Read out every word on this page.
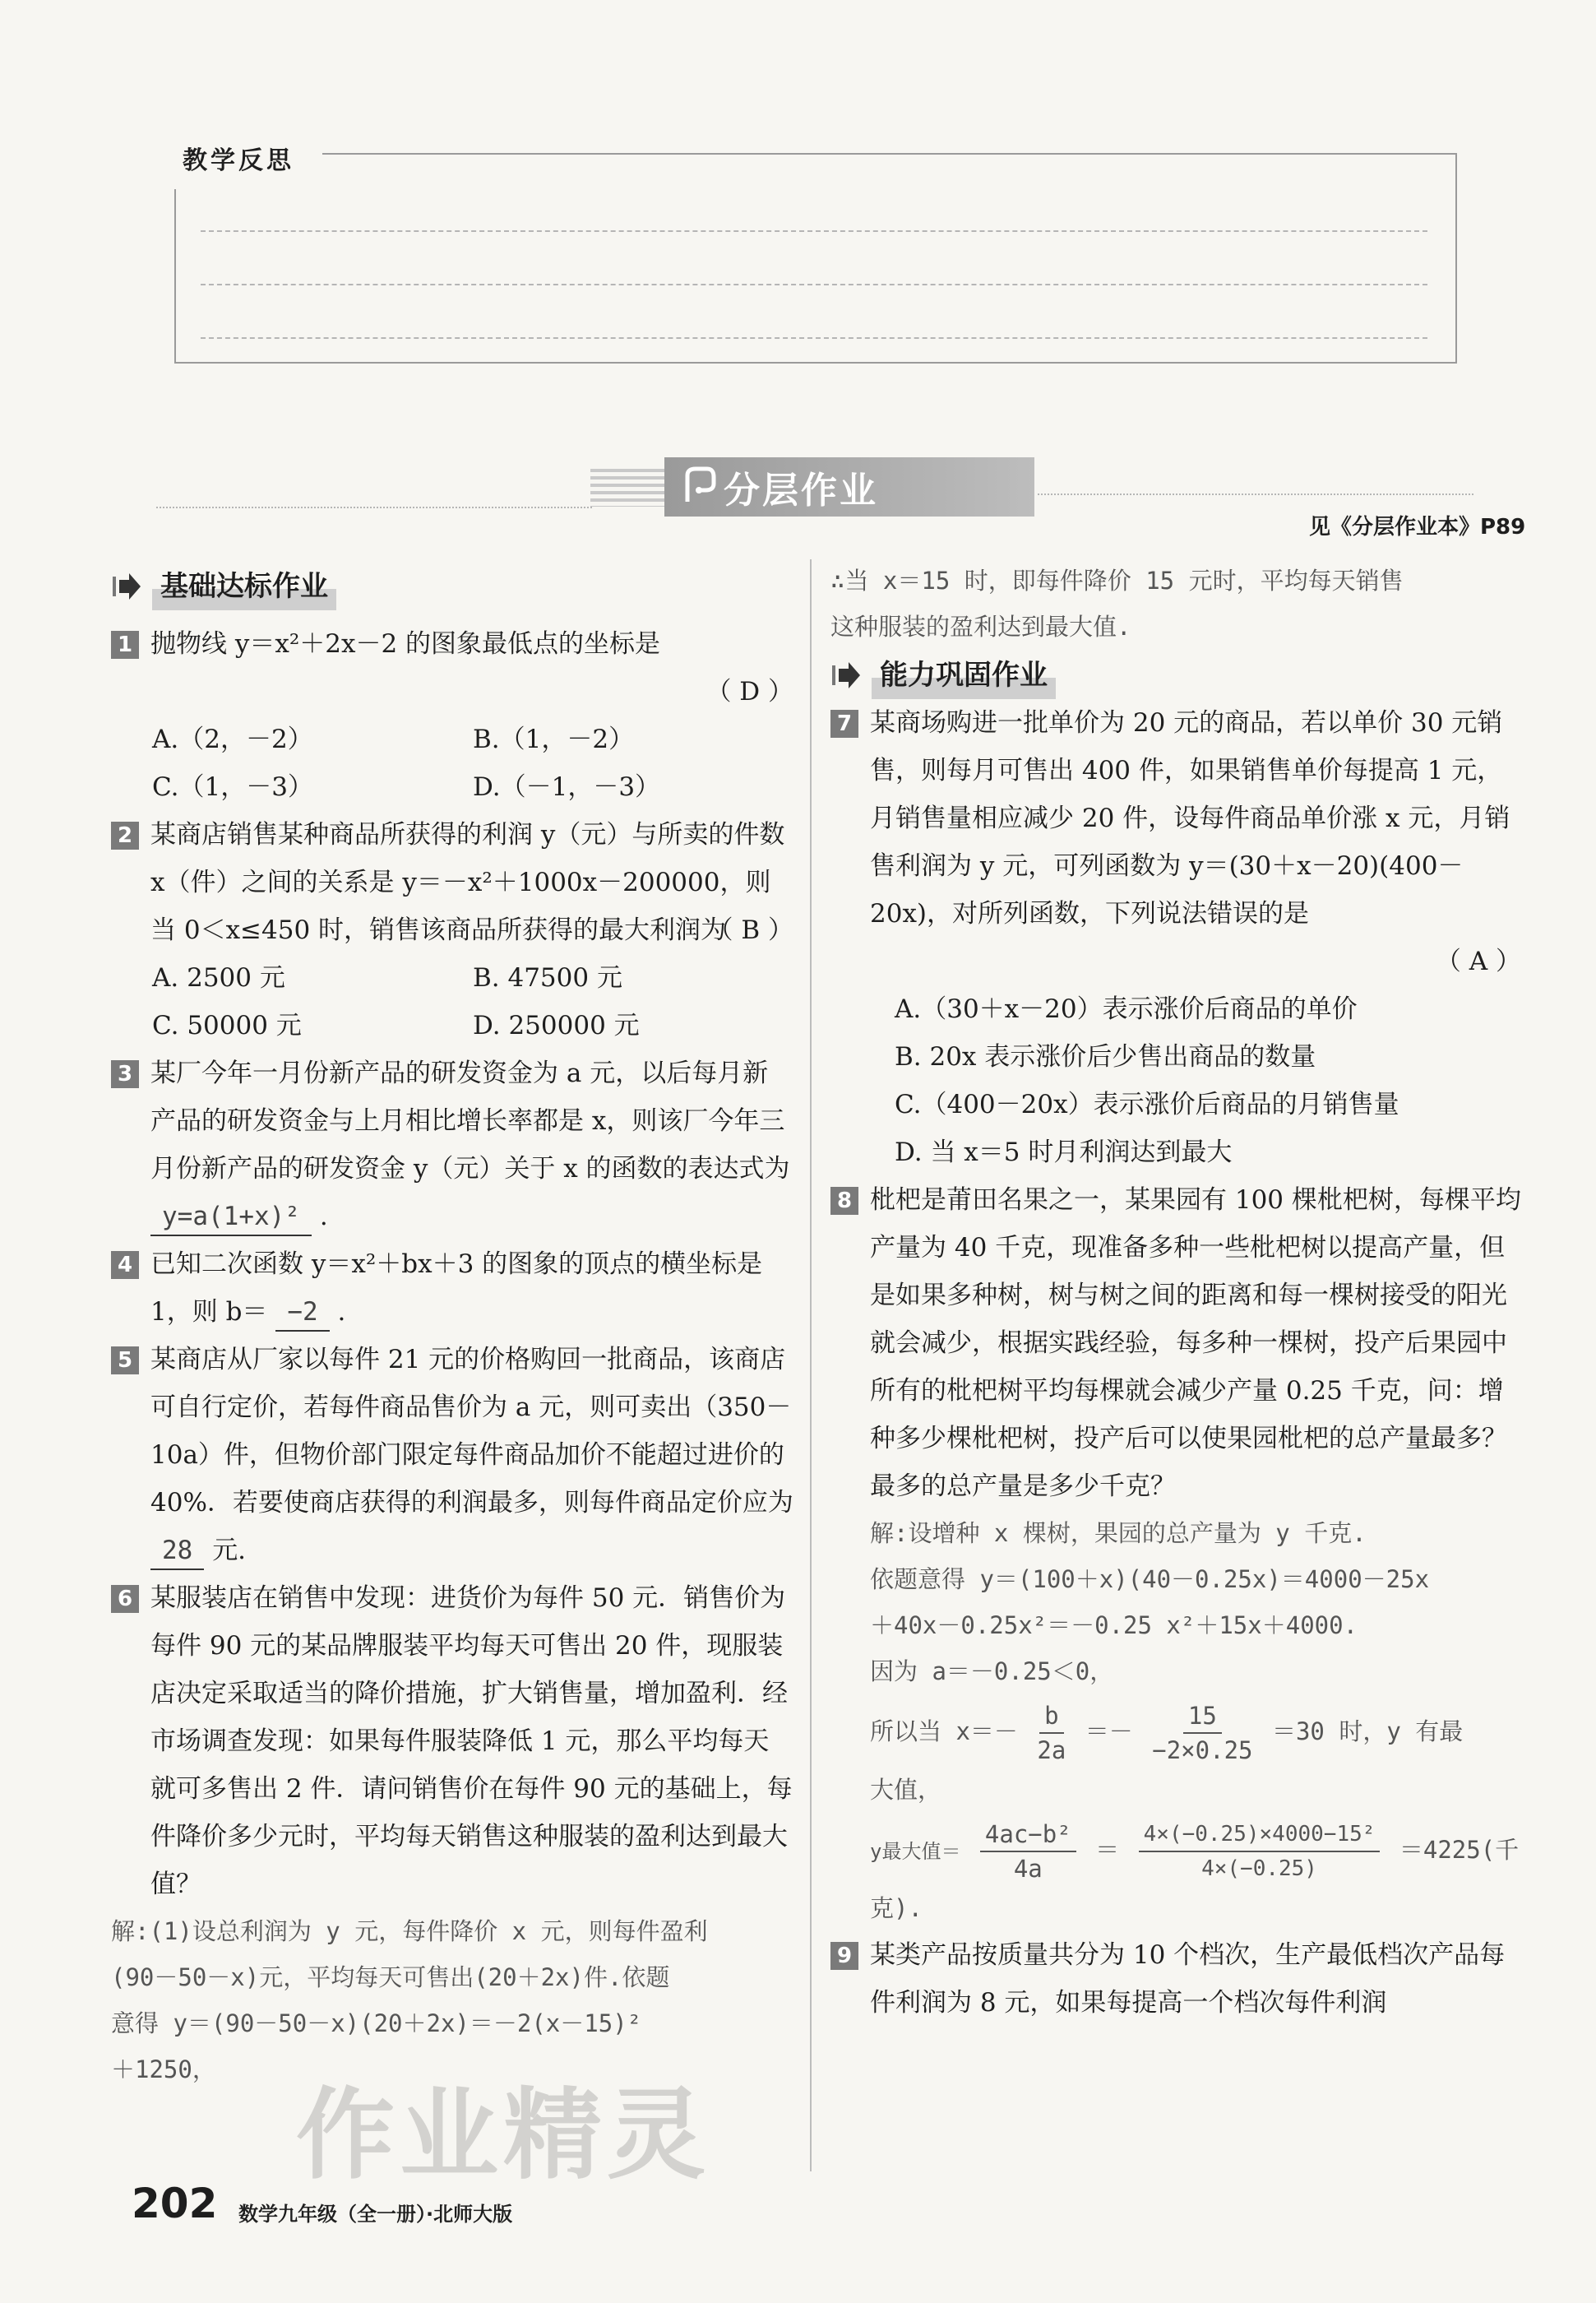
教学反思
分层作业
见《分层作业本》P89
基础达标作业
1 抛物线 y＝x²＋2x－2 的图象最低点的坐标是
（ D ）
A.（2，－2）	B.（1，－2）
C.（1，－3）	D.（－1，－3）
2 某商店销售某种商品所获得的利润 y（元）与所卖的件数 x（件）之间的关系是 y＝－x²＋1000x－200000，则当 0＜x≤450 时，销售该商品所获得的最大利润为
（ B ）
A. 2500 元	B. 47500 元
C. 50000 元	D. 250000 元
3 某厂今年一月份新产品的研发资金为 a 元，以后每月新产品的研发资金与上月相比增长率都是 x，则该厂今年三月份新产品的研发资金 y（元）关于 x 的函数的表达式为 y=a(1+x)² .
4 已知二次函数 y＝x²＋bx＋3 的图象的顶点的横坐标是 1，则 b＝ −2 .
5 某商店从厂家以每件 21 元的价格购回一批商品，该商店可自行定价，若每件商品售价为 a 元，则可卖出（350－10a）件，但物价部门限定每件商品加价不能超过进价的 40%．若要使商店获得的利润最多，则每件商品定价应为 28 元.
6 某服装店在销售中发现：进货价为每件 50 元．销售价为每件 90 元的某品牌服装平均每天可售出 20 件，现服装店决定采取适当的降价措施，扩大销售量，增加盈利．经市场调查发现：如果每件服装降低 1 元，那么平均每天就可多售出 2 件．请问销售价在每件 90 元的基础上，每件降价多少元时，平均每天销售这种服装的盈利达到最大值？
解:(1)设总利润为 y 元，每件降价 x 元，则每件盈利
(90－50－x)元，平均每天可售出(20＋2x)件.依题
意得 y＝(90－50－x)(20＋2x)＝－2(x－15)²
＋1250，
∴当 x＝15 时，即每件降价 15 元时，平均每天销售
这种服装的盈利达到最大值.
能力巩固作业
7 某商场购进一批单价为 20 元的商品，若以单价 30 元销售，则每月可售出 400 件，如果销售单价每提高 1 元，月销售量相应减少 20 件，设每件商品单价涨 x 元，月销售利润为 y 元，可列函数为 y＝(30＋x－20)(400－20x)，对所列函数，下列说法错误的是
（ A ）
A.（30＋x－20）表示涨价后商品的单价
B. 20x 表示涨价后少售出商品的数量
C.（400－20x）表示涨价后商品的月销售量
D. 当 x＝5 时月利润达到最大
8 枇杷是莆田名果之一，某果园有 100 棵枇杷树，每棵平均产量为 40 千克，现准备多种一些枇杷树以提高产量，但是如果多种树，树与树之间的距离和每一棵树接受的阳光就会减少，根据实践经验，每多种一棵树，投产后果园中所有的枇杷树平均每棵就会减少产量 0.25 千克，问：增种多少棵枇杷树，投产后可以使果园枇杷的总产量最多？最多的总产量是多少千克？
解:设增种 x 棵树，果园的总产量为 y 千克.
依题意得 y＝(100＋x)(40－0.25x)＝4000－25x
＋40x－0.25x²＝－0.25 x²＋15x＋4000.
因为 a＝－0.25＜0，
所以当 $x=- \frac{b}{2a} =- \frac{15}{-2\times 0.25} =30$ 时，y 有最
大值，
y最大值＝ $\frac{\text{4ac−b²}}{4a} = \frac{\text{4×(−0.25)×4000−15²}}{4\times(-0.25)} =4225$(千
克).
9 某类产品按质量共分为 10 个档次，生产最低档次产品每件利润为 8 元，如果每提高一个档次每件利润
作业精灵
202 数学九年级（全一册）·北师大版
